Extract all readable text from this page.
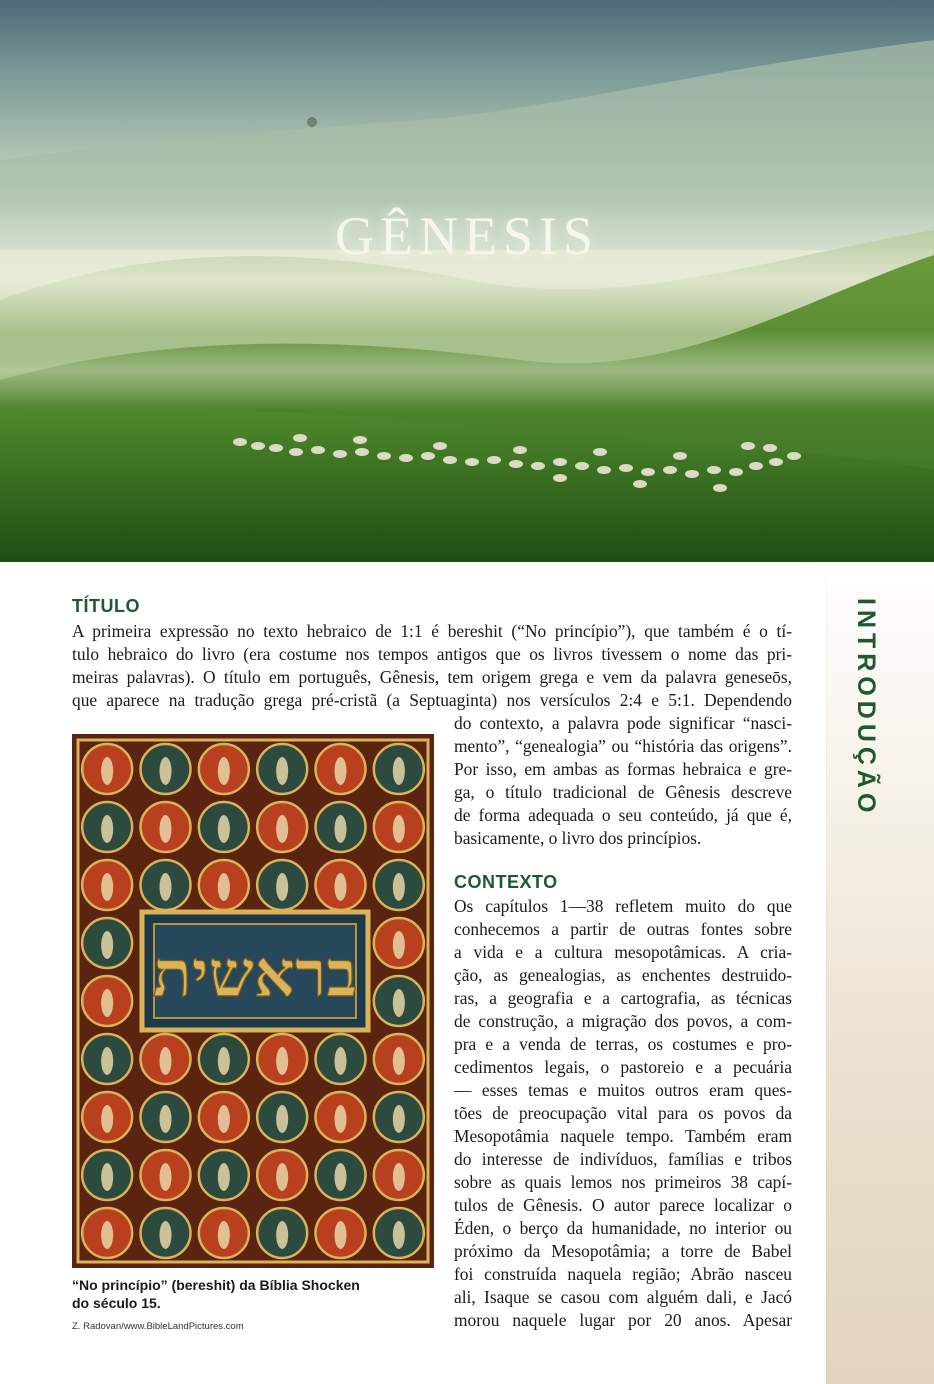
GÊNESIS
INTRODUÇÃO
TÍTULO
A primeira expressão no texto hebraico de 1:1 é bereshit (“No princípio”), que também é o tí-
tulo hebraico do livro (era costume nos tempos antigos que os livros tivessem o nome das pri-
meiras palavras). O título em português, Gênesis, tem origem grega e vem da palavra geneseōs,
que aparece na tradução grega pré-cristã (a Septuaginta) nos versículos 2:4 e 5:1. Dependendo
do contexto, a palavra pode significar “nasci-
mento”, “genealogia” ou “história das origens”.
Por isso, em ambas as formas hebraica e gre-
ga, o título tradicional de Gênesis descreve
de forma adequada o seu conteúdo, já que é,
basicamente, o livro dos princípios.
CONTEXTO
Os capítulos 1—38 refletem muito do que
conhecemos a partir de outras fontes sobre
a vida e a cultura mesopotâmicas. A cria-
ção, as genealogias, as enchentes destruido-
ras, a geografia e a cartografia, as técnicas
de construção, a migração dos povos, a com-
pra e a venda de terras, os costumes e pro-
cedimentos legais, o pastoreio e a pecuária
— esses temas e muitos outros eram ques-
tões de preocupação vital para os povos da
Mesopotâmia naquele tempo. Também eram
do interesse de indivíduos, famílias e tribos
sobre as quais lemos nos primeiros 38 capí-
tulos de Gênesis. O autor parece localizar o
Éden, o berço da humanidade, no interior ou
próximo da Mesopotâmia; a torre de Babel
foi construída naquela região; Abrão nasceu
ali, Isaque se casou com alguém dali, e Jacó
morou naquele lugar por 20 anos. Apesar
בראשית

“No princípio” (bereshit) da Bíblia Shocken
do século 15.

Z. Radovan/www.BibleLandPictures.com
